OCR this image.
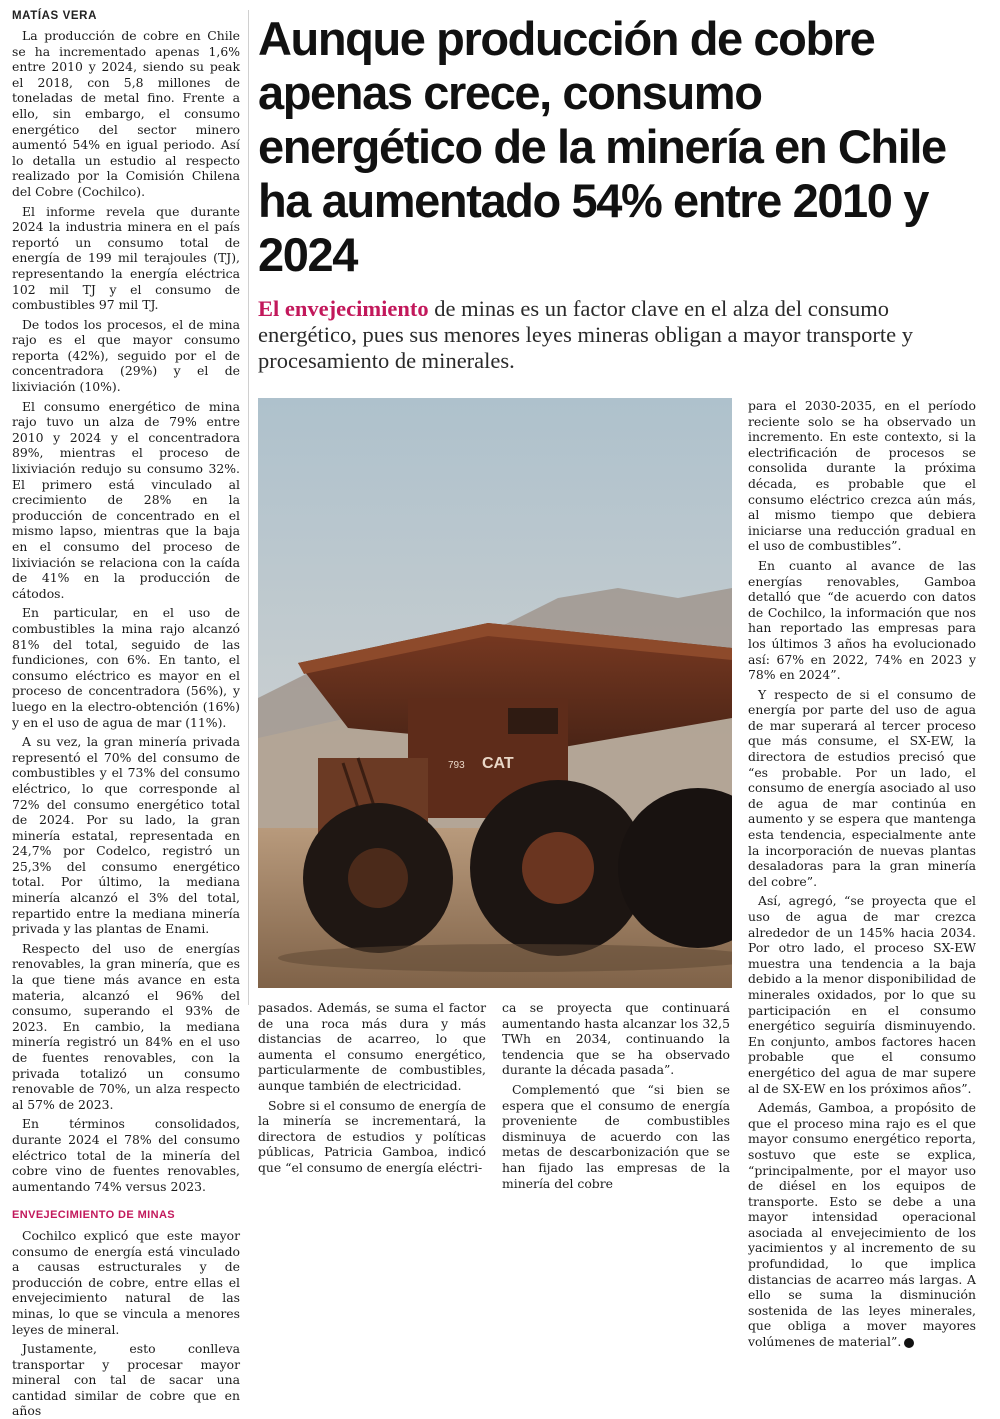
MATÍAS VERA

La producción de cobre en Chile se ha incrementado apenas 1,6% entre 2010 y 2024, siendo su peak el 2018, con 5,8 millones de toneladas de metal fino. Frente a ello, sin embargo, el consumo energético del sector minero aumentó 54% en igual periodo. Así lo detalla un estudio al respecto realizado por la Comisión Chilena del Cobre (Cochilco).

El informe revela que durante 2024 la industria minera en el país reportó un consumo total de energía de 199 mil terajoules (TJ), representando la energía eléctrica 102 mil TJ y el consumo de combustibles 97 mil TJ.

De todos los procesos, el de mina rajo es el que mayor consumo reporta (42%), seguido por el de concentradora (29%) y el de lixiviación (10%).

El consumo energético de mina rajo tuvo un alza de 79% entre 2010 y 2024 y el concentradora 89%, mientras el proceso de lixiviación redujo su consumo 32%. El primero está vinculado al crecimiento de 28% en la producción de concentrado en el mismo lapso, mientras que la baja en el consumo del proceso de lixiviación se relaciona con la caída de 41% en la producción de cátodos.

En particular, en el uso de combustibles la mina rajo alcanzó 81% del total, seguido de las fundiciones, con 6%. En tanto, el consumo eléctrico es mayor en el proceso de concentradora (56%), y luego en la electro-obtención (16%) y en el uso de agua de mar (11%).

A su vez, la gran minería privada representó el 70% del consumo de combustibles y el 73% del consumo eléctrico, lo que corresponde al 72% del consumo energético total de 2024. Por su lado, la gran minería estatal, representada en 24,7% por Codelco, registró un 25,3% del consumo energético total. Por último, la mediana minería alcanzó el 3% del total, repartido entre la mediana minería privada y las plantas de Enami.

Respecto del uso de energías renovables, la gran minería, que es la que tiene más avance en esta materia, alcanzó el 96% del consumo, superando el 93% de 2023. En cambio, la mediana minería registró un 84% en el uso de fuentes renovables, con la privada totalizó un consumo renovable de 70%, un alza respecto al 57% de 2023.

En términos consolidados, durante 2024 el 78% del consumo eléctrico total de la minería del cobre vino de fuentes renovables, aumentando 74% versus 2023.

ENVEJECIMIENTO DE MINAS

Cochilco explicó que este mayor consumo de energía está vinculado a causas estructurales y de producción de cobre, entre ellas el envejecimiento natural de las minas, lo que se vincula a menores leyes de mineral.

Justamente, esto conlleva transportar y procesar mayor mineral con tal de sacar una cantidad similar de cobre que en años

Aunque producción de cobre apenas crece, consumo energético de la minería en Chile ha aumentado 54% entre 2010 y 2024
El envejecimiento de minas es un factor clave en el alza del consumo energético, pues sus menores leyes mineras obligan a mayor transporte y procesamiento de minerales.
CAT
793

pasados. Además, se suma el factor de una roca más dura y más distancias de acarreo, lo que aumenta el consumo energético, particularmente de combustibles, aunque también de electricidad.

Sobre si el consumo de energía de la minería se incrementará, la directora de estudios y políticas públicas, Patricia Gamboa, indicó que “el consumo de energía eléctri-

ca se proyecta que continuará aumentando hasta alcanzar los 32,5 TWh en 2034, continuando la tendencia que se ha observado durante la década pasada”.

Complementó que “si bien se espera que el consumo de energía proveniente de combustibles disminuya de acuerdo con las metas de descarbonización que se han fijado las empresas de la minería del cobre

para el 2030-2035, en el período reciente solo se ha observado un incremento. En este contexto, si la electrificación de procesos se consolida durante la próxima década, es probable que el consumo eléctrico crezca aún más, al mismo tiempo que debiera iniciarse una reducción gradual en el uso de combustibles”.

En cuanto al avance de las energías renovables, Gamboa detalló que “de acuerdo con datos de Cochilco, la información que nos han reportado las empresas para los últimos 3 años ha evolucionado así: 67% en 2022, 74% en 2023 y 78% en 2024”.

Y respecto de si el consumo de energía por parte del uso de agua de mar superará al tercer proceso que más consume, el SX-EW, la directora de estudios precisó que “es probable. Por un lado, el consumo de energía asociado al uso de agua de mar continúa en aumento y se espera que mantenga esta tendencia, especialmente ante la incorporación de nuevas plantas desaladoras para la gran minería del cobre”.

Así, agregó, “se proyecta que el uso de agua de mar crezca alrededor de un 145% hacia 2034. Por otro lado, el proceso SX-EW muestra una tendencia a la baja debido a la menor disponibilidad de minerales oxidados, por lo que su participación en el consumo energético seguiría disminuyendo. En conjunto, ambos factores hacen probable que el consumo energético del agua de mar supere al de SX-EW en los próximos años”.

Además, Gamboa, a propósito de que el proceso mina rajo es el que mayor consumo energético reporta, sostuvo que este se explica, “principalmente, por el mayor uso de diésel en los equipos de transporte. Esto se debe a una mayor intensidad operacional asociada al envejecimiento de los yacimientos y al incremento de su profundidad, lo que implica distancias de acarreo más largas. A ello se suma la disminución sostenida de las leyes minerales, que obliga a mover mayores volúmenes de material”. P
